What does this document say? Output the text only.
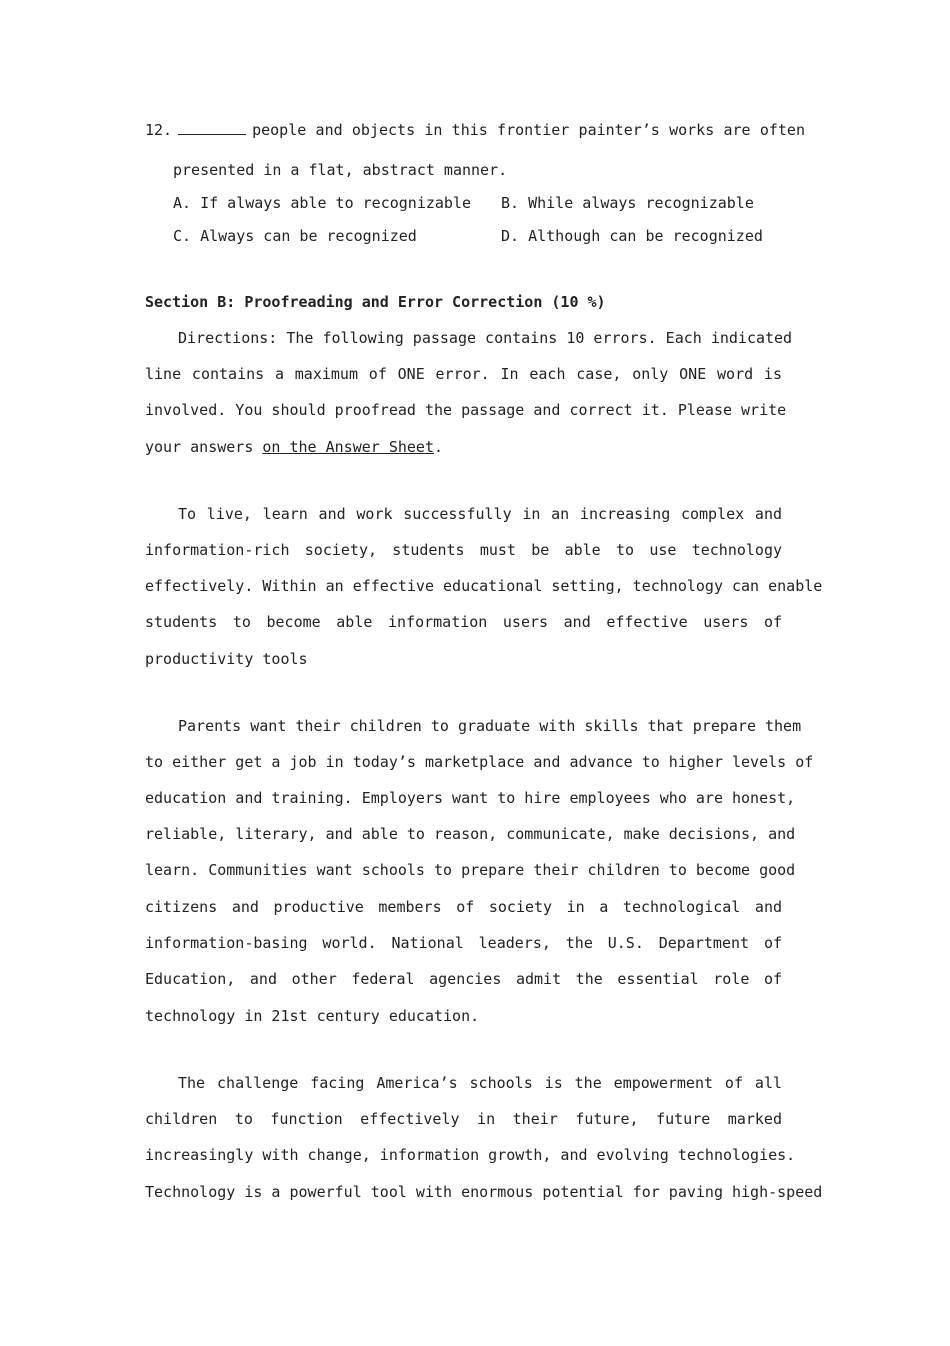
12.	people and objects in this frontier painter’s works are often
presented in a flat, abstract manner.
A. If always able to recognizable	B. While always recognizable
C. Always can be recognized	D. Although can be recognized
Section B: Proofreading and Error Correction (10 %)
Directions: The following passage contains 10 errors. Each indicated
line contains a maximum of ONE error. In each case, only ONE word is
involved. You should proofread the passage and correct it. Please write
your answers on the Answer Sheet.
To live, learn and work successfully in an increasing complex and
information-rich society, students must be able to use technology
effectively. Within an effective educational setting, technology can enable
students to become able information users and effective users of
productivity tools
Parents want their children to graduate with skills that prepare them
to either get a job in today’s marketplace and advance to higher levels of
education and training. Employers want to hire employees who are honest,
reliable, literary, and able to reason, communicate, make decisions, and
learn. Communities want schools to prepare their children to become good
citizens and productive members of society in a technological and
information-basing world. National leaders, the U.S. Department of
Education, and other federal agencies admit the essential role of
technology in 21st century education.
The challenge facing America’s schools is the empowerment of all
children to function effectively in their future, future marked
increasingly with change, information growth, and evolving technologies.
Technology is a powerful tool with enormous potential for paving high-speed
